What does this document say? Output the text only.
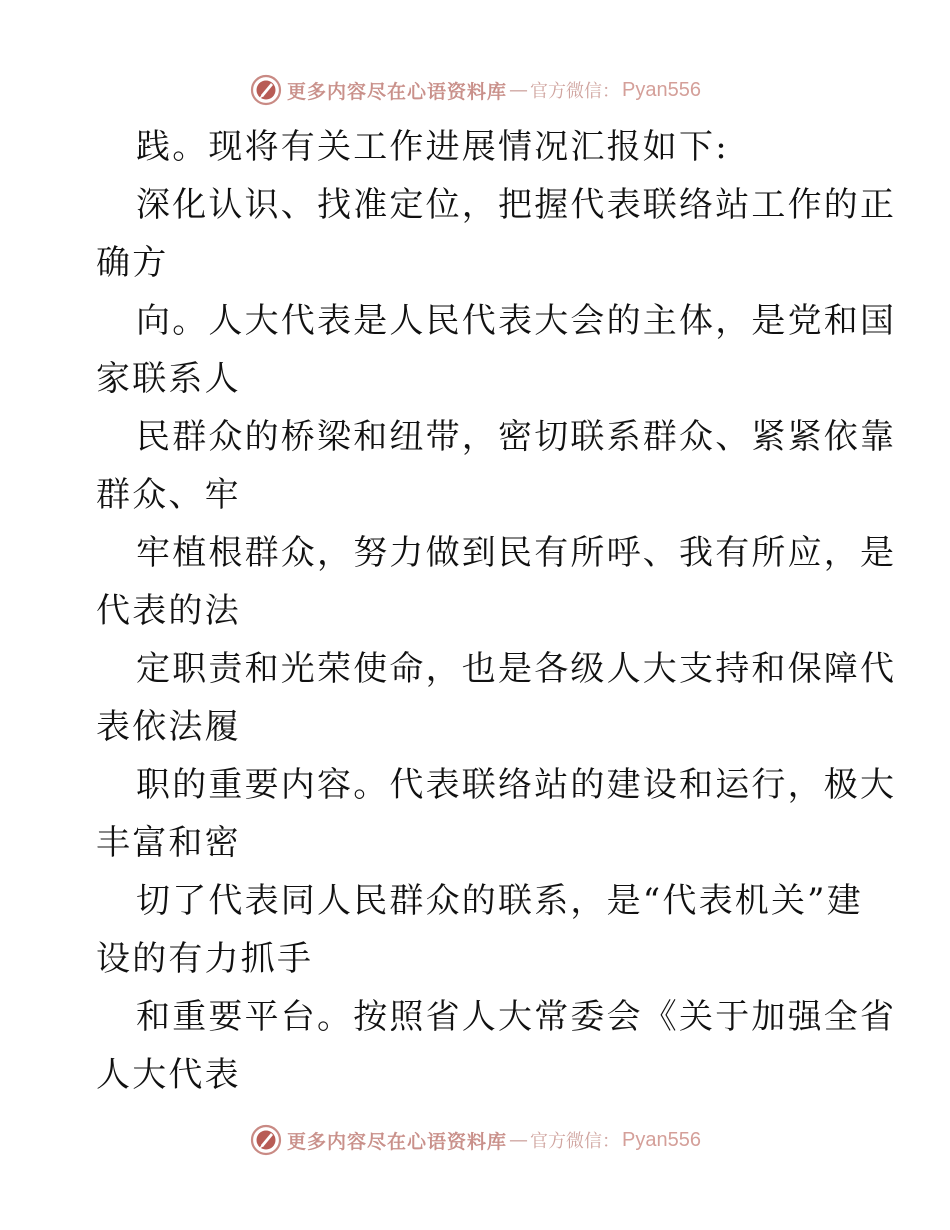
更多内容尽在心语资料库 — 官方微信： Pyan556
践。现将有关工作进展情况汇报如下:
深化认识、找准定位，把握代表联络站工作的正
确方
向。人大代表是人民代表大会的主体，是党和国
家联系人
民群众的桥梁和纽带，密切联系群众、紧紧依靠
群众、牢
牢植根群众，努力做到民有所呼、我有所应，是
代表的法
定职责和光荣使命，也是各级人大支持和保障代
表依法履
职的重要内容。代表联络站的建设和运行，极大
丰富和密
切了代表同人民群众的联系，是“代表机关”建
设的有力抓手
和重要平台。按照省人大常委会《关于加强全省
人大代表
更多内容尽在心语资料库 — 官方微信： Pyan556
